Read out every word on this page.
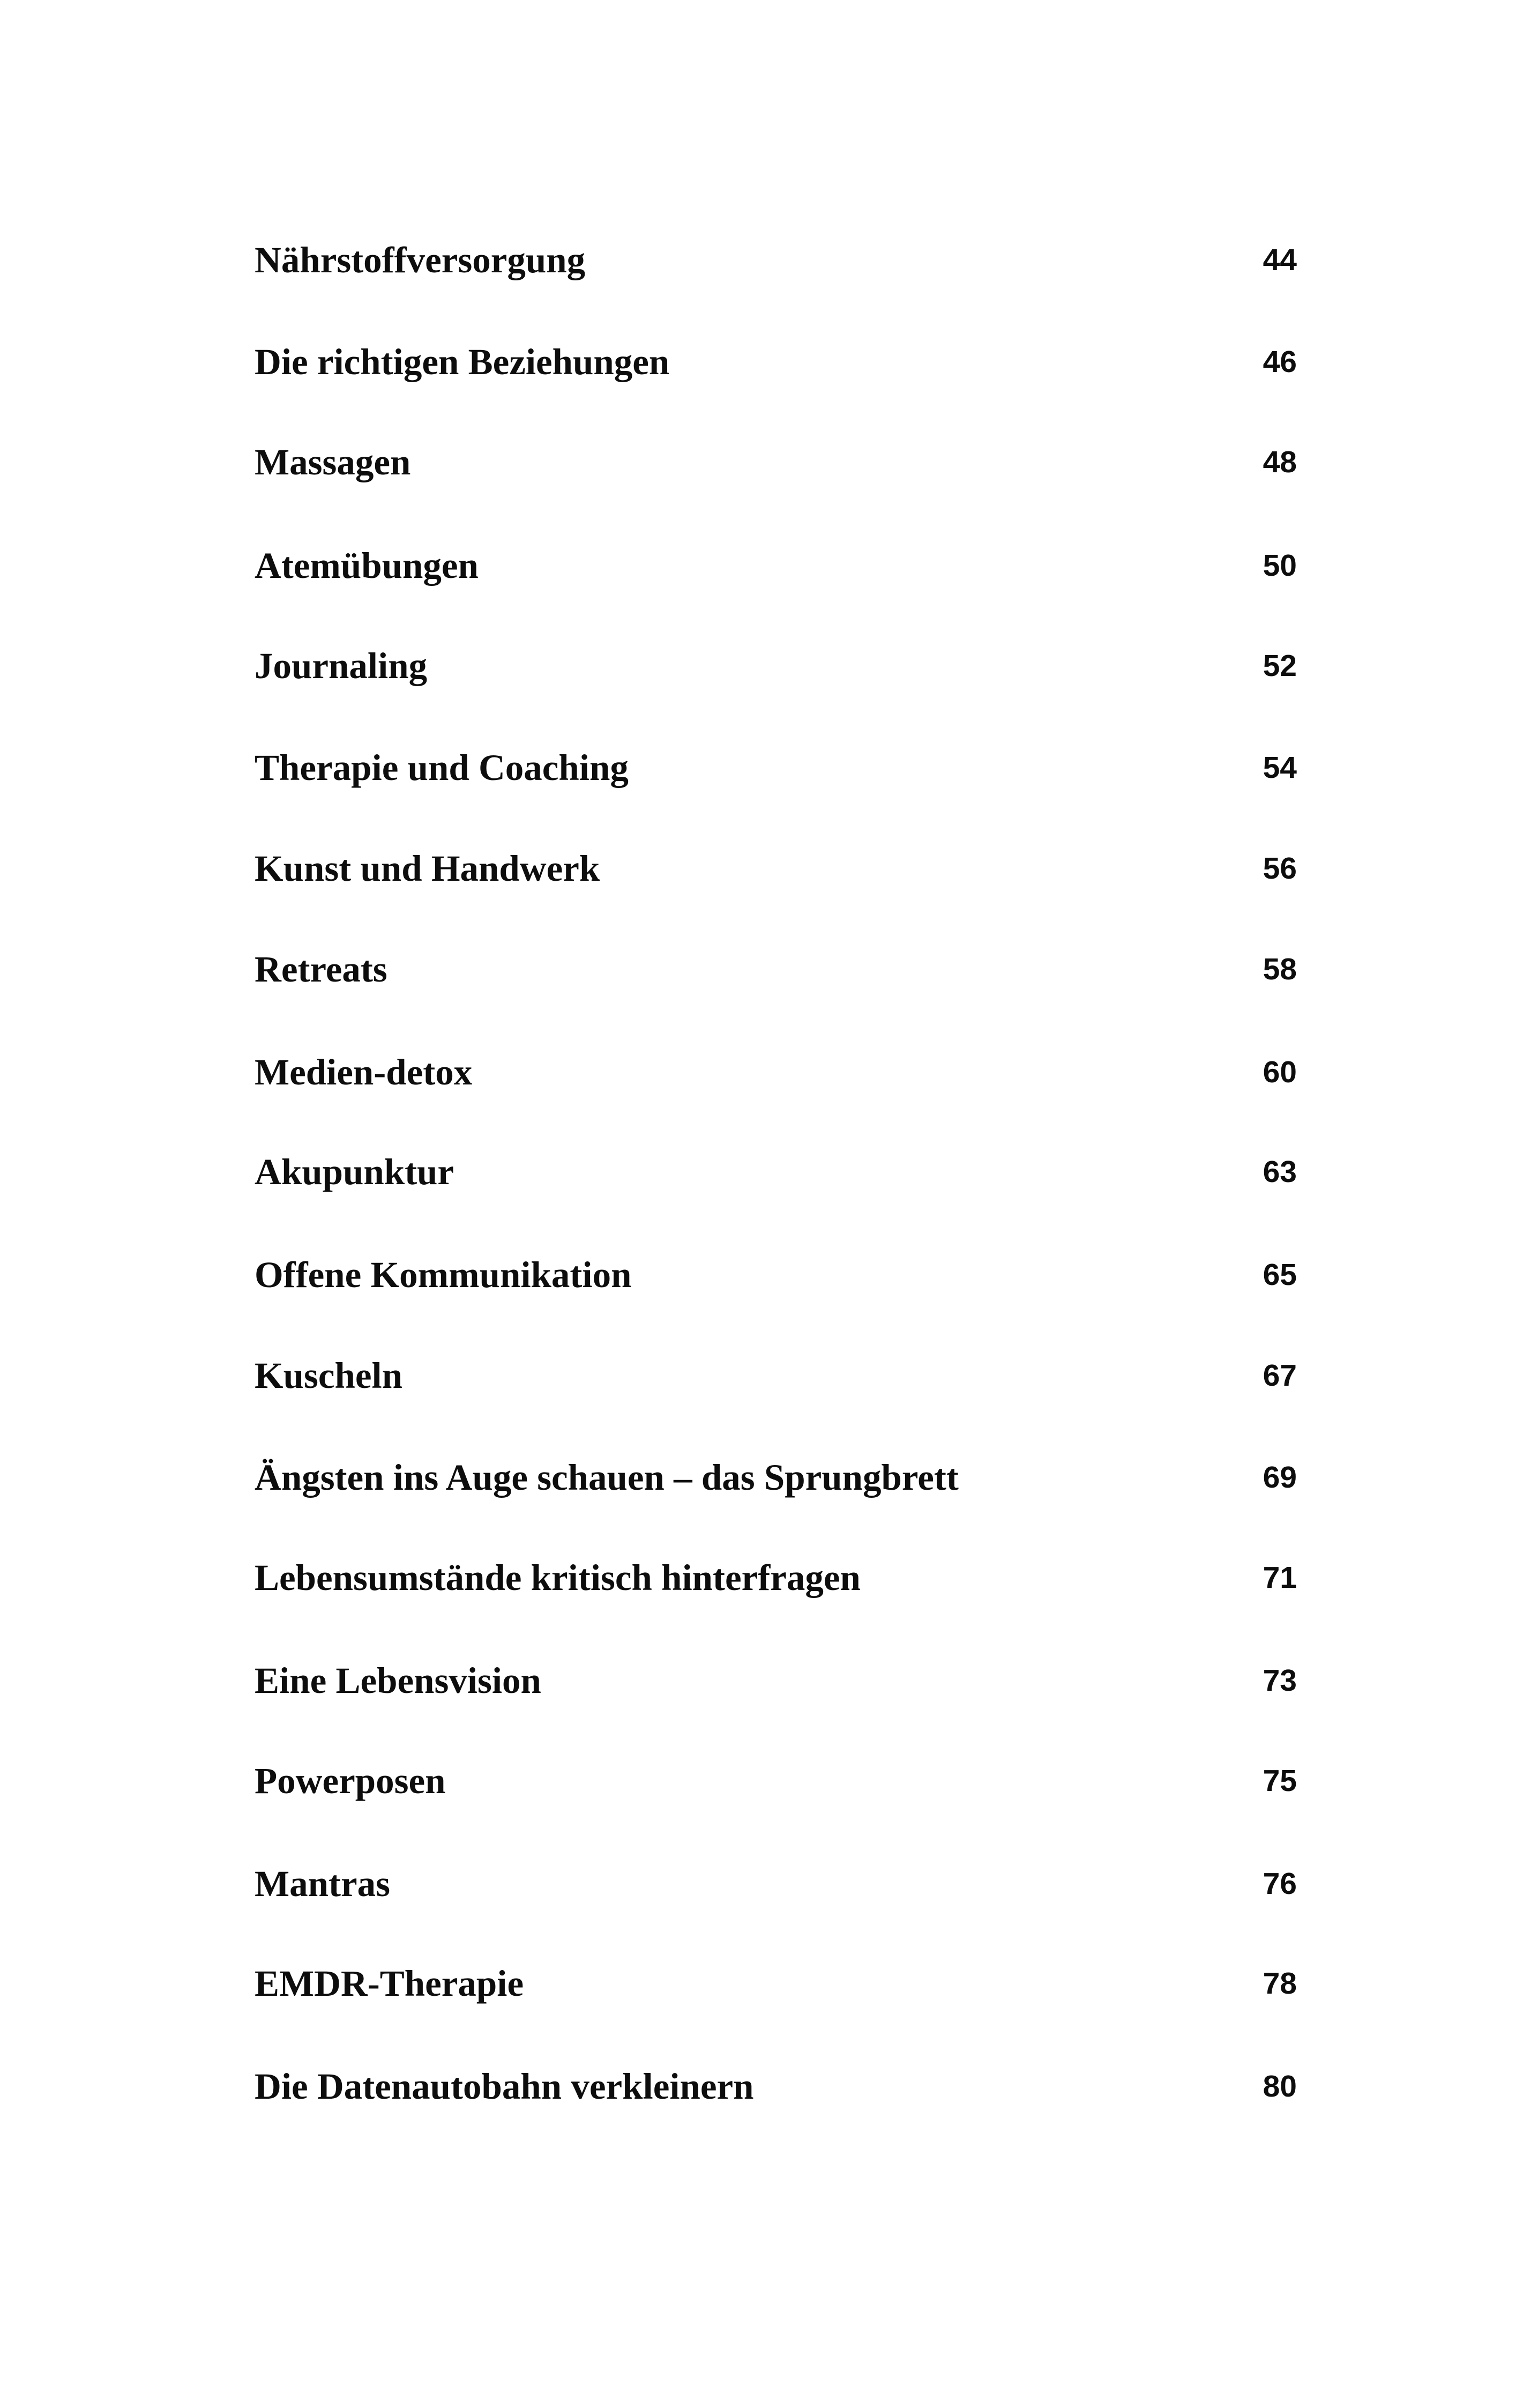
Nährstoffversorgung	44
Die richtigen Beziehungen	46
Massagen	48
Atemübungen	50
Journaling	52
Therapie und Coaching	54
Kunst und Handwerk	56
Retreats	58
Medien-detox	60
Akupunktur	63
Offene Kommunikation	65
Kuscheln	67
Ängsten ins Auge schauen – das Sprungbrett	69
Lebensumstände kritisch hinterfragen	71
Eine Lebensvision	73
Powerposen	75
Mantras	76
EMDR-Therapie	78
Die Datenautobahn verkleinern	80
